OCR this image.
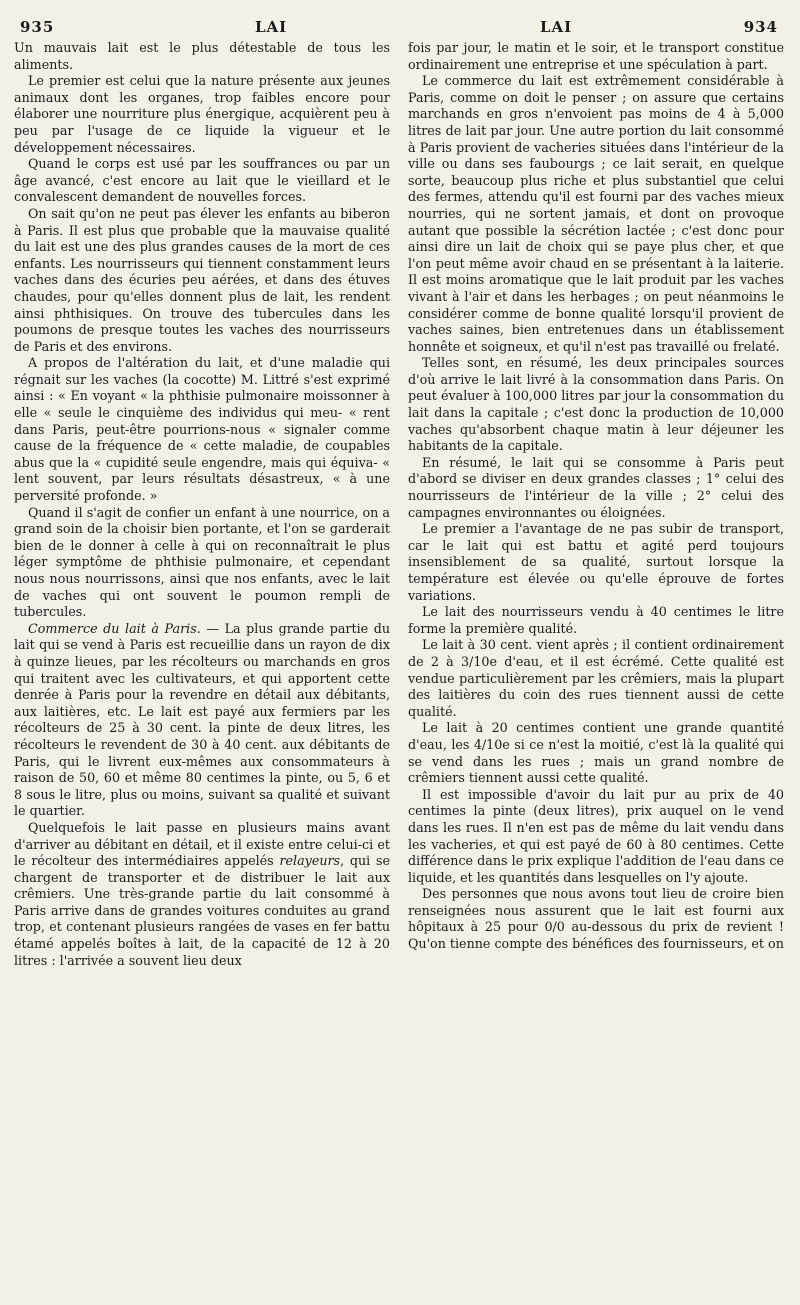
935	LAI	LAI	934

Un mauvais lait est le plus détestable de tous les aliments.

Le premier est celui que la nature présente aux jeunes animaux dont les organes, trop faibles encore pour élaborer une nourriture plus énergique, acquièrent peu à peu par l'usage de ce liquide la vigueur et le développement nécessaires.

Quand le corps est usé par les souffrances ou par un âge avancé, c'est encore au lait que le vieillard et le convalescent demandent de nouvelles forces.

On sait qu'on ne peut pas élever les enfants au biberon à Paris. Il est plus que probable que la mauvaise qualité du lait est une des plus grandes causes de la mort de ces enfants. Les nourrisseurs qui tiennent constamment leurs vaches dans des écuries peu aérées, et dans des étuves chaudes, pour qu'elles donnent plus de lait, les rendent ainsi phthisiques. On trouve des tubercules dans les poumons de presque toutes les vaches des nourrisseurs de Paris et des environs.

A propos de l'altération du lait, et d'une maladie qui régnait sur les vaches (la cocotte) M. Littré s'est exprimé ainsi : « En voyant « la phthisie pulmonaire moissonner à elle « seule le cinquième des individus qui meu- « rent dans Paris, peut-être pourrions-nous « signaler comme cause de la fréquence de « cette maladie, de coupables abus que la « cupidité seule engendre, mais qui équiva- « lent souvent, par leurs résultats désastreux, « à une perversité profonde. »

Quand il s'agit de confier un enfant à une nourrice, on a grand soin de la choisir bien portante, et l'on se garderait bien de le donner à celle à qui on reconnaîtrait le plus léger symptôme de phthisie pulmonaire, et cependant nous nous nourrissons, ainsi que nos enfants, avec le lait de vaches qui ont souvent le poumon rempli de tubercules.

Commerce du lait à Paris. — La plus grande partie du lait qui se vend à Paris est recueillie dans un rayon de dix à quinze lieues, par les récolteurs ou marchands en gros qui traitent avec les cultivateurs, et qui apportent cette denrée à Paris pour la revendre en détail aux débitants, aux laitières, etc. Le lait est payé aux fermiers par les récolteurs de 25 à 30 cent. la pinte de deux litres, les récolteurs le revendent de 30 à 40 cent. aux débitants de Paris, qui le livrent eux-mêmes aux consommateurs à raison de 50, 60 et même 80 centimes la pinte, ou 5, 6 et 8 sous le litre, plus ou moins, suivant sa qualité et suivant le quartier.

Quelquefois le lait passe en plusieurs mains avant d'arriver au débitant en détail, et il existe entre celui-ci et le récolteur des intermédiaires appelés relayeurs, qui se chargent de transporter et de distribuer le lait aux crêmiers. Une très-grande partie du lait consommé à Paris arrive dans de grandes voitures conduites au grand trop, et contenant plusieurs rangées de vases en fer battu étamé appelés boîtes à lait, de la capacité de 12 à 20 litres : l'arrivée a souvent lieu deux

fois par jour, le matin et le soir, et le transport constitue ordinairement une entreprise et une spéculation à part.

Le commerce du lait est extrêmement considérable à Paris, comme on doit le penser ; on assure que certains marchands en gros n'envoient pas moins de 4 à 5,000 litres de lait par jour. Une autre portion du lait consommé à Paris provient de vacheries situées dans l'intérieur de la ville ou dans ses faubourgs ; ce lait serait, en quelque sorte, beaucoup plus riche et plus substantiel que celui des fermes, attendu qu'il est fourni par des vaches mieux nourries, qui ne sortent jamais, et dont on provoque autant que possible la sécrétion lactée ; c'est donc pour ainsi dire un lait de choix qui se paye plus cher, et que l'on peut même avoir chaud en se présentant à la laiterie. Il est moins aromatique que le lait produit par les vaches vivant à l'air et dans les herbages ; on peut néanmoins le considérer comme de bonne qualité lorsqu'il provient de vaches saines, bien entretenues dans un établissement honnête et soigneux, et qu'il n'est pas travaillé ou frelaté.

Telles sont, en résumé, les deux principales sources d'où arrive le lait livré à la consommation dans Paris. On peut évaluer à 100,000 litres par jour la consommation du lait dans la capitale ; c'est donc la production de 10,000 vaches qu'absorbent chaque matin à leur déjeuner les habitants de la capitale.

En résumé, le lait qui se consomme à Paris peut d'abord se diviser en deux grandes classes ; 1° celui des nourrisseurs de l'intérieur de la ville ; 2° celui des campagnes environnantes ou éloignées.

Le premier a l'avantage de ne pas subir de transport, car le lait qui est battu et agité perd toujours insensiblement de sa qualité, surtout lorsque la température est élevée ou qu'elle éprouve de fortes variations.

Le lait des nourrisseurs vendu à 40 centimes le litre forme la première qualité.

Le lait à 30 cent. vient après ; il contient ordinairement de 2 à 3/10e d'eau, et il est écrémé. Cette qualité est vendue particulièrement par les crêmiers, mais la plupart des laitières du coin des rues tiennent aussi de cette qualité.

Le lait à 20 centimes contient une grande quantité d'eau, les 4/10e si ce n'est la moitié, c'est là la qualité qui se vend dans les rues ; mais un grand nombre de crêmiers tiennent aussi cette qualité.

Il est impossible d'avoir du lait pur au prix de 40 centimes la pinte (deux litres), prix auquel on le vend dans les rues. Il n'en est pas de même du lait vendu dans les vacheries, et qui est payé de 60 à 80 centimes. Cette différence dans le prix explique l'addition de l'eau dans ce liquide, et les quantités dans lesquelles on l'y ajoute.

Des personnes que nous avons tout lieu de croire bien renseignées nous assurent que le lait est fourni aux hôpitaux à 25 pour 0/0 au-dessous du prix de revient ! Qu'on tienne compte des bénéfices des fournisseurs, et on
